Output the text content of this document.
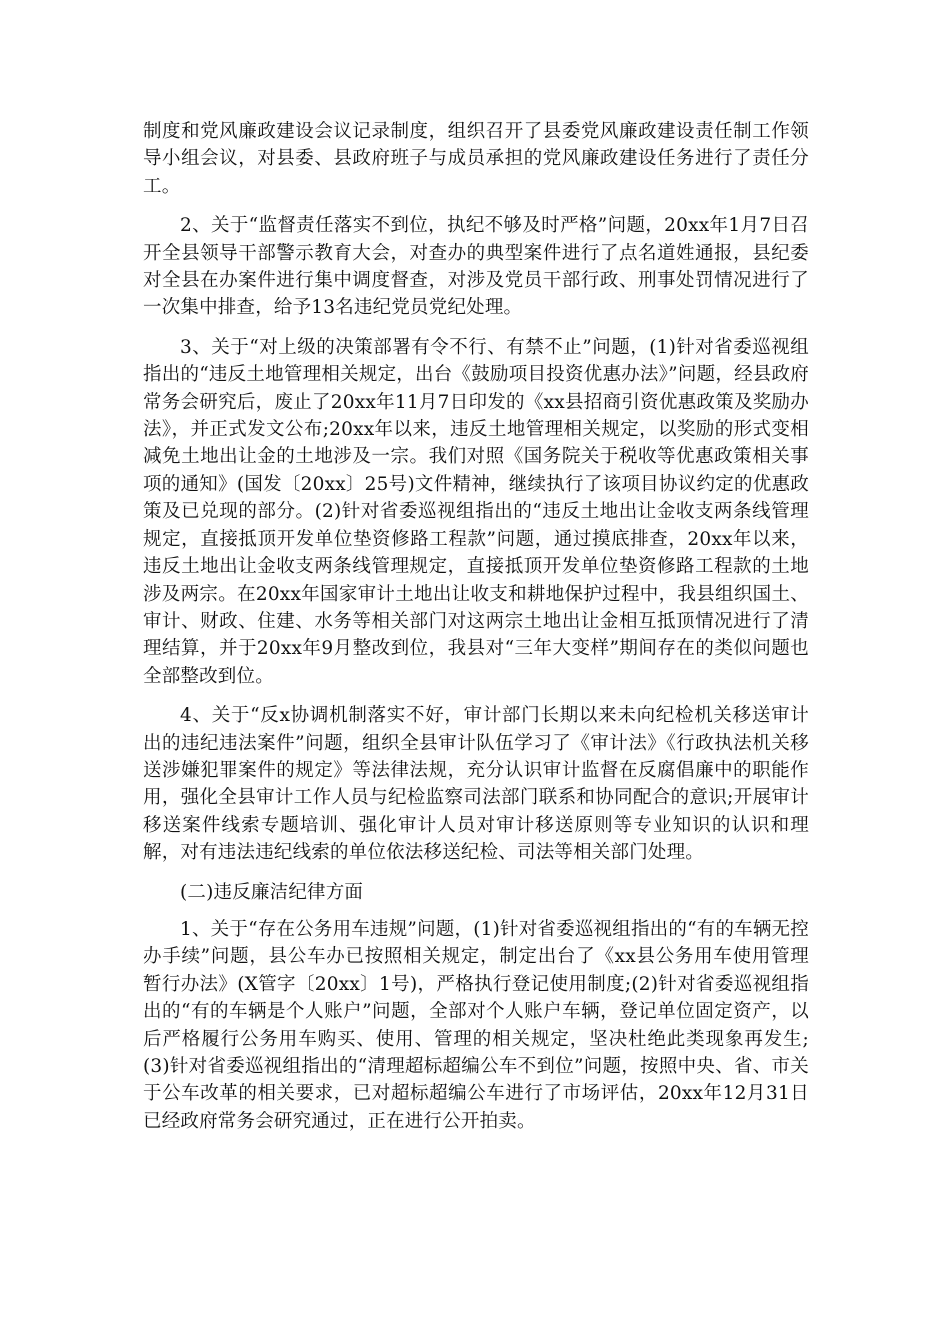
制度和党风廉政建设会议记录制度，组织召开了县委党风廉政建设责任制工作领导小组会议，对县委、县政府班子与成员承担的党风廉政建设任务进行了责任分工。

2、关于“监督责任落实不到位，执纪不够及时严格”问题，20xx年1月7日召开全县领导干部警示教育大会，对查办的典型案件进行了点名道姓通报，县纪委对全县在办案件进行集中调度督查，对涉及党员干部行政、刑事处罚情况进行了一次集中排查，给予13名违纪党员党纪处理。

3、关于“对上级的决策部署有令不行、有禁不止”问题，(1)针对省委巡视组指出的“违反土地管理相关规定，出台《鼓励项目投资优惠办法》”问题，经县政府常务会研究后，废止了20xx年11月7日印发的《xx县招商引资优惠政策及奖励办法》，并正式发文公布;20xx年以来，违反土地管理相关规定，以奖励的形式变相减免土地出让金的土地涉及一宗。我们对照《国务院关于税收等优惠政策相关事项的通知》(国发〔20xx〕25号)文件精神，继续执行了该项目协议约定的优惠政策及已兑现的部分。(2)针对省委巡视组指出的“违反土地出让金收支两条线管理规定，直接抵顶开发单位垫资修路工程款”问题，通过摸底排查，20xx年以来，违反土地出让金收支两条线管理规定，直接抵顶开发单位垫资修路工程款的土地涉及两宗。在20xx年国家审计土地出让收支和耕地保护过程中，我县组织国土、审计、财政、住建、水务等相关部门对这两宗土地出让金相互抵顶情况进行了清理结算，并于20xx年9月整改到位，我县对“三年大变样”期间存在的类似问题也全部整改到位。

4、关于“反x协调机制落实不好，审计部门长期以来未向纪检机关移送审计出的违纪违法案件”问题，组织全县审计队伍学习了《审计法》《行政执法机关移送涉嫌犯罪案件的规定》等法律法规，充分认识审计监督在反腐倡廉中的职能作用，强化全县审计工作人员与纪检监察司法部门联系和协同配合的意识;开展审计移送案件线索专题培训、强化审计人员对审计移送原则等专业知识的认识和理解，对有违法违纪线索的单位依法移送纪检、司法等相关部门处理。

(二)违反廉洁纪律方面

1、关于“存在公务用车违规”问题，(1)针对省委巡视组指出的“有的车辆无控办手续”问题，县公车办已按照相关规定，制定出台了《xx县公务用车使用管理暂行办法》(X管字〔20xx〕1号)，严格执行登记使用制度;(2)针对省委巡视组指出的“有的车辆是个人账户”问题，全部对个人账户车辆，登记单位固定资产，以后严格履行公务用车购买、使用、管理的相关规定，坚决杜绝此类现象再发生;(3)针对省委巡视组指出的“清理超标超编公车不到位”问题，按照中央、省、市关于公车改革的相关要求，已对超标超编公车进行了市场评估，20xx年12月31日已经政府常务会研究通过，正在进行公开拍卖。
